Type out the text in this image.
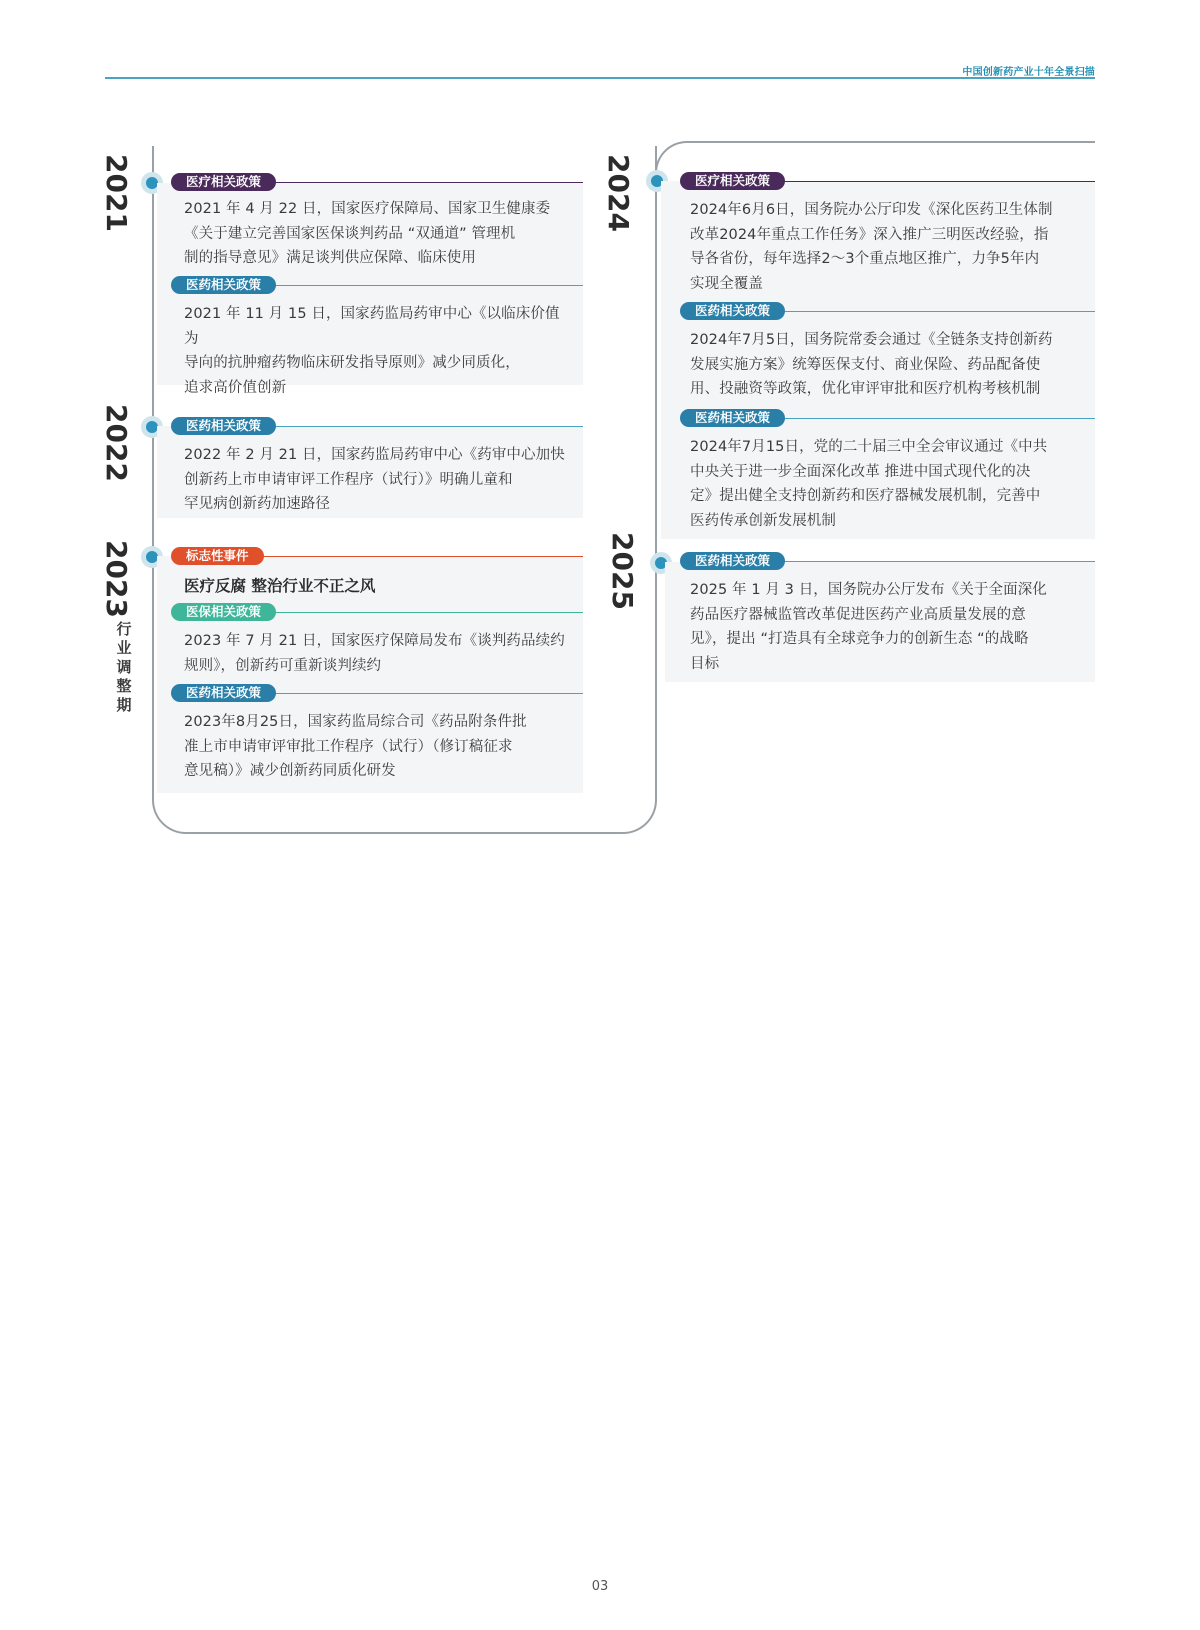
中国创新药产业十年全景扫描
2021	医疗相关政策
2021 年 4 月 22 日，国家医疗保障局、国家卫生健康委
《关于建立完善国家医保谈判药品 “双通道” 管理机
制的指导意见》满足谈判供应保障、临床使用
医药相关政策
2021 年 11 月 15 日，国家药监局药审中心《以临床价值为
导向的抗肿瘤药物临床研发指导原则》减少同质化，
追求高价值创新
2022	医药相关政策
2022 年 2 月 21 日，国家药监局药审中心《药审中心加快
创新药上市申请审评工作程序（试行）》明确儿童和
罕见病创新药加速路径
2023
行业调整期
标志性事件
医疗反腐 整治行业不正之风
医保相关政策
2023 年 7 月 21 日，国家医疗保障局发布《谈判药品续约
规则》，创新药可重新谈判续约
医药相关政策
2023年8月25日，国家药监局综合司《药品附条件批
准上市申请审评审批工作程序（试行）（修订稿征求
意见稿）》减少创新药同质化研发
2024	医疗相关政策
2024年6月6日，国务院办公厅印发《深化医药卫生体制
改革2024年重点工作任务》深入推广三明医改经验，指
导各省份，每年选择2～3个重点地区推广，力争5年内
实现全覆盖
医药相关政策
2024年7月5日，国务院常委会通过《全链条支持创新药
发展实施方案》统筹医保支付、商业保险、药品配备使
用、投融资等政策，优化审评审批和医疗机构考核机制
医药相关政策
2024年7月15日，党的二十届三中全会审议通过《中共
中央关于进一步全面深化改革 推进中国式现代化的决
定》提出健全支持创新药和医疗器械发展机制，完善中
医药传承创新发展机制
2025	医药相关政策
2025 年 1 月 3 日，国务院办公厅发布《关于全面深化
药品医疗器械监管改革促进医药产业高质量发展的意
见》，提出 “打造具有全球竞争力的创新生态 “的战略
目标
03
